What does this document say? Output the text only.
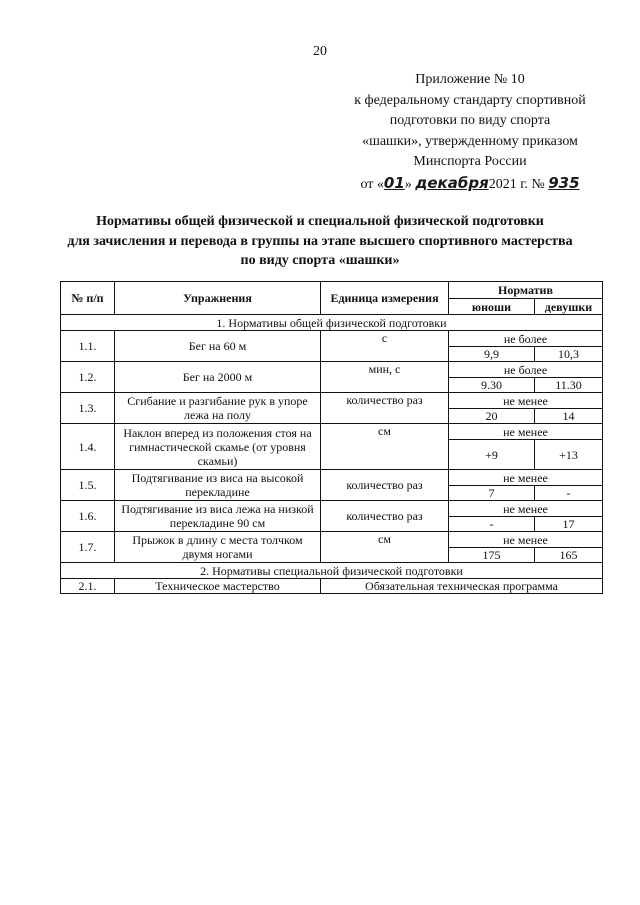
20
Приложение № 10
к федеральному стандарту спортивной
подготовки по виду спорта
«шашки», утвержденному приказом
Минспорта России
от «01» декабря2021 г. № 935
Нормативы общей физической и специальной физической подготовки
для зачисления и перевода в группы на этапе высшего спортивного мастерства
по виду спорта «шашки»
№ п/п	Упражнения	Единица измерения	Норматив	
			юноши	девушки
1. Нормативы общей физической подготовки				
1.1.	Бег на 60 м	с	не более	
			9,9	10,3
1.2.	Бег на 2000 м	мин, с	не более	
			9.30	11.30
1.3.	Сгибание и разгибание рук в упоре лежа на полу	количество раз	не менее	
			20	14
1.4.	Наклон вперед из положения стоя на гимнастической скамье (от уровня скамьи)	см	не менее	
			+9	+13
1.5.	Подтягивание из виса на высокой перекладине	количество раз	не менее	
			7	-
1.6.	Подтягивание из виса лежа на низкой перекладине 90 см	количество раз	не менее	
			-	17
1.7.	Прыжок в длину с места толчком двумя ногами	см	не менее	
			175	165
2. Нормативы специальной физической подготовки				
2.1.	Техническое мастерство	Обязательная техническая программа		
